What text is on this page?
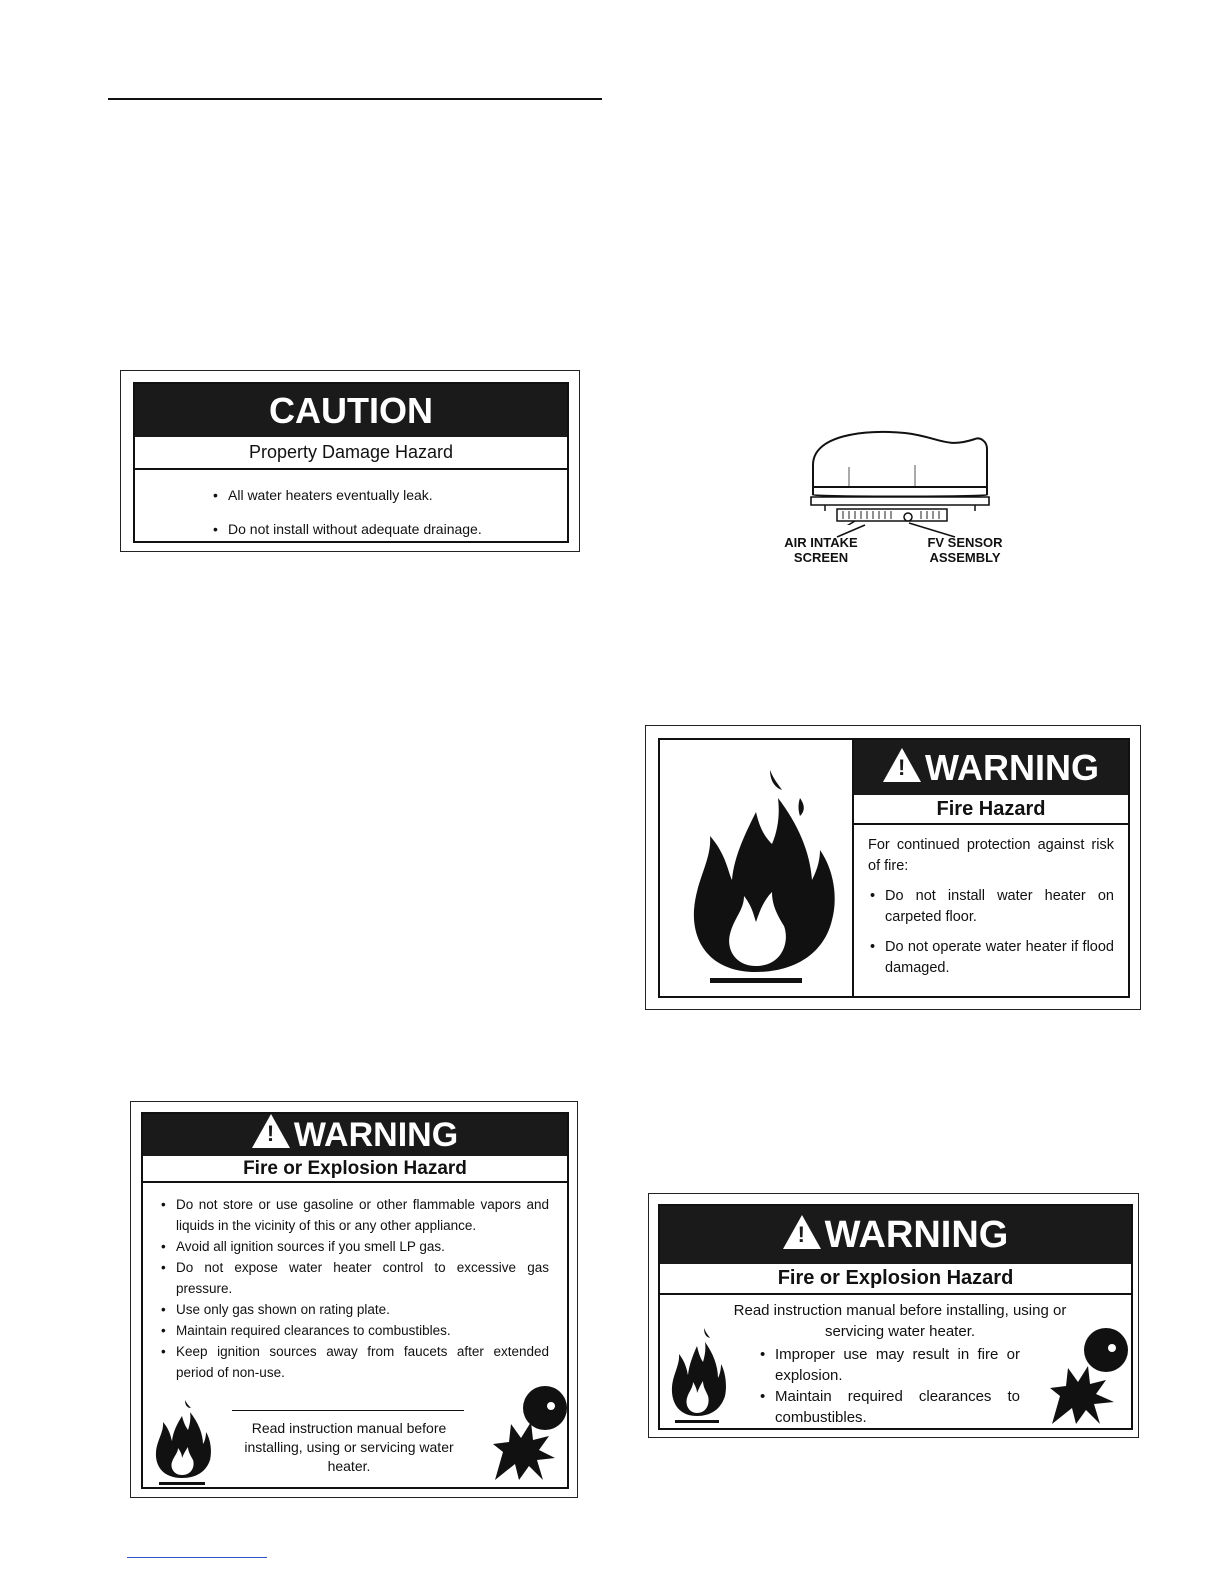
CAUTION
Property Damage Hazard
• All water heaters eventually leak.
• Do not install without adequate drainage.
AIR INTAKE
SCREEN
FV SENSOR
ASSEMBLY
!WARNING
Fire Hazard
For continued protection against risk of fire:
• Do not install water heater on carpeted floor.
• Do not operate water heater if flood damaged.
!WARNING
Fire or Explosion Hazard
• Do not store or use gasoline or other flammable vapors and liquids in the vicinity of this or any other appliance.
• Avoid all ignition sources if you smell LP gas.
• Do not expose water heater control to excessive gas pressure.
• Use only gas shown on rating plate.
• Maintain required clearances to combustibles.
• Keep ignition sources away from faucets after extended period of non-use.
Read instruction manual before installing, using or servicing water heater.
!WARNING
Fire or Explosion Hazard
Read instruction manual before installing, using or servicing water heater.
• Improper use may result in fire or explosion.
• Maintain required clearances to combustibles.
